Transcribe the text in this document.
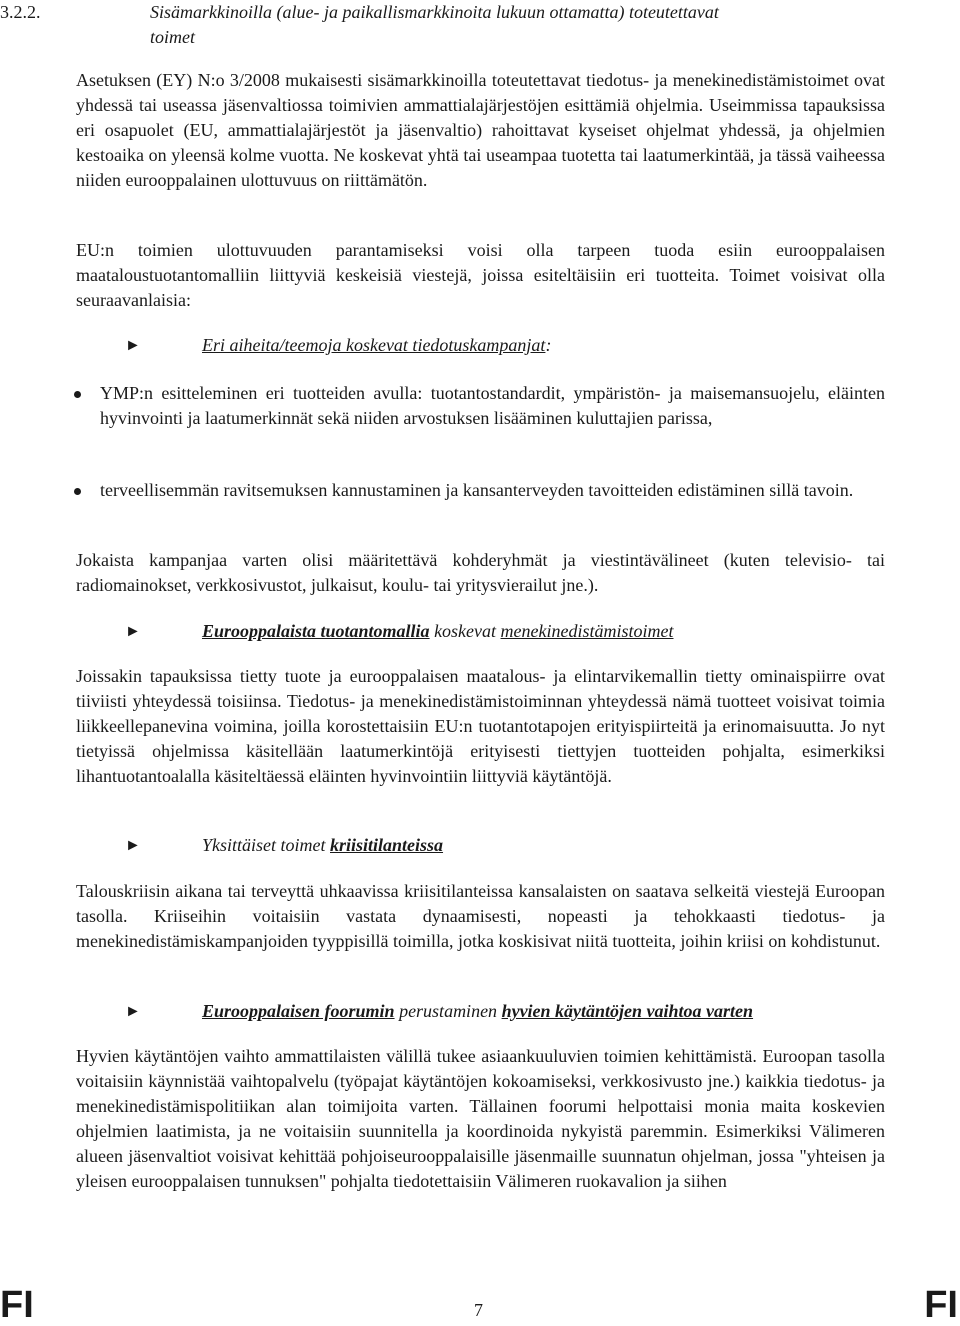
3.2.2.	Sisämarkkinoilla (alue- ja paikallismarkkinoita lukuun ottamatta) toteutettavat
toimet

Asetuksen (EY) N:o 3/2008 mukaisesti sisämarkkinoilla toteutettavat tiedotus- ja menekinedistämistoimet ovat yhdessä tai useassa jäsenvaltiossa toimivien ammattialajärjestöjen esittämiä ohjelmia. Useimmissa tapauksissa eri osapuolet (EU, ammattialajärjestöt ja jäsenvaltio) rahoittavat kyseiset ohjelmat yhdessä, ja ohjelmien kestoaika on yleensä kolme vuotta. Ne koskevat yhtä tai useampaa tuotetta tai laatumerkintää, ja tässä vaiheessa niiden eurooppalainen ulottuvuus on riittämätön.

EU:n toimien ulottuvuuden parantamiseksi voisi olla tarpeen tuoda esiin eurooppalaisen maataloustuotantomalliin liittyviä keskeisiä viestejä, joissa esiteltäisiin eri tuotteita. Toimet voisivat olla seuraavanlaisia:

►	Eri aiheita/teemoja koskevat tiedotuskampanjat:

YMP:n esitteleminen eri tuotteiden avulla: tuotantostandardit, ympäristön- ja maisemansuojelu, eläinten hyvinvointi ja laatumerkinnät sekä niiden arvostuksen lisääminen kuluttajien parissa,

terveellisemmän ravitsemuksen kannustaminen ja kansanterveyden tavoitteiden edistäminen sillä tavoin.

Jokaista kampanjaa varten olisi määritettävä kohderyhmät ja viestintävälineet (kuten televisio- tai radiomainokset, verkkosivustot, julkaisut, koulu- tai yritysvierailut jne.).

►	Eurooppalaista tuotantomallia koskevat menekinedistämistoimet

Joissakin tapauksissa tietty tuote ja eurooppalaisen maatalous- ja elintarvikemallin tietty ominaispiirre ovat tiiviisti yhteydessä toisiinsa. Tiedotus- ja menekinedistämistoiminnan yhteydessä nämä tuotteet voisivat toimia liikkeellepanevina voimina, joilla korostettaisiin EU:n tuotantotapojen erityispiirteitä ja erinomaisuutta. Jo nyt tietyissä ohjelmissa käsitellään laatumerkintöjä erityisesti tiettyjen tuotteiden pohjalta, esimerkiksi lihantuotantoalalla käsiteltäessä eläinten hyvinvointiin liittyviä käytäntöjä.

►	Yksittäiset toimet kriisitilanteissa

Talouskriisin aikana tai terveyttä uhkaavissa kriisitilanteissa kansalaisten on saatava selkeitä viestejä Euroopan tasolla. Kriiseihin voitaisiin vastata dynaamisesti, nopeasti ja tehokkaasti tiedotus- ja menekinedistämiskampanjoiden tyyppisillä toimilla, jotka koskisivat niitä tuotteita, joihin kriisi on kohdistunut.

►	Eurooppalaisen foorumin perustaminen hyvien käytäntöjen vaihtoa varten

Hyvien käytäntöjen vaihto ammattilaisten välillä tukee asiaankuuluvien toimien kehittämistä. Euroopan tasolla voitaisiin käynnistää vaihtopalvelu (työpajat käytäntöjen kokoamiseksi, verkkosivusto jne.) kaikkia tiedotus- ja menekinedistämispolitiikan alan toimijoita varten. Tällainen foorumi helpottaisi monia maita koskevien ohjelmien laatimista, ja ne voitaisiin suunnitella ja koordinoida nykyistä paremmin. Esimerkiksi Välimeren alueen jäsenvaltiot voisivat kehittää pohjoiseurooppalaisille jäsenmaille suunnatun ohjelman, jossa "yhteisen ja yleisen eurooppalaisen tunnuksen" pohjalta tiedotettaisiin Välimeren ruokavalion ja siihen

FI	7	FI
